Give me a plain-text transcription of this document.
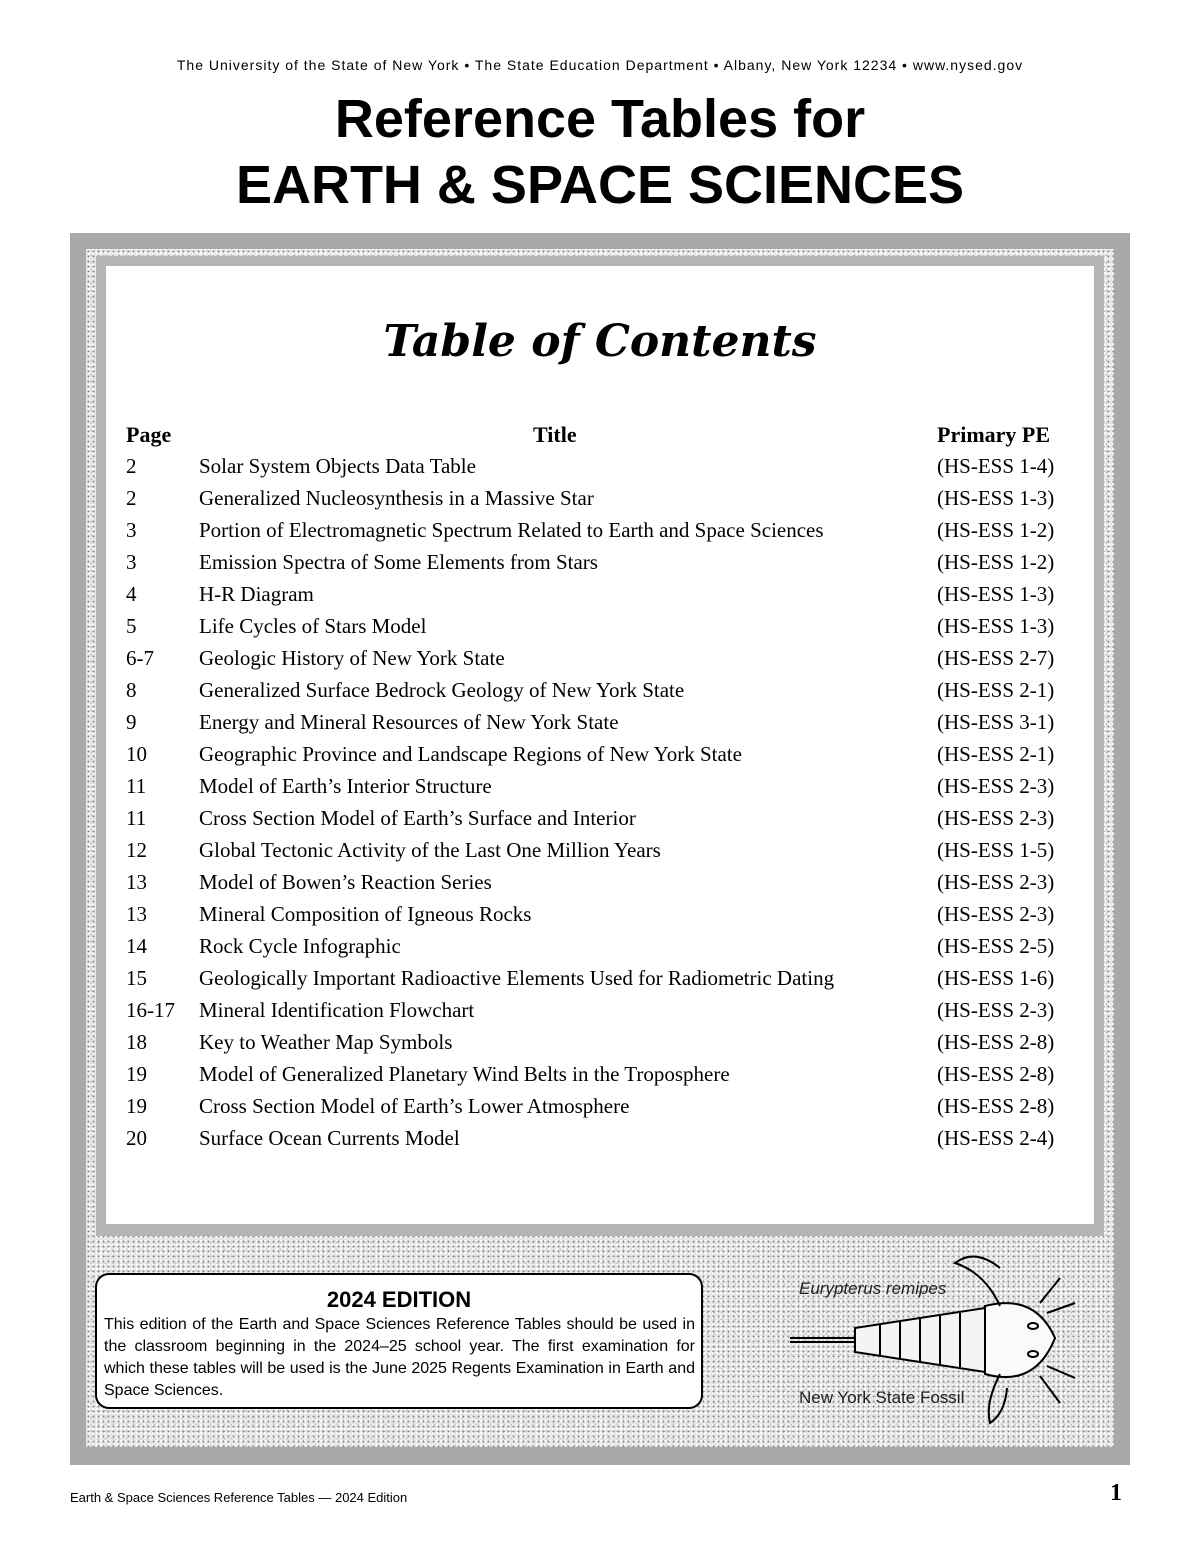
The University of the State of New York • The State Education Department • Albany, New York 12234 • www.nysed.gov
Reference Tables for
EARTH & SPACE SCIENCES
Table of Contents
Page	Title	Primary PE
2	Solar System Objects Data Table	(HS-ESS 1-4)
2	Generalized Nucleosynthesis in a Massive Star	(HS-ESS 1-3)
3	Portion of Electromagnetic Spectrum Related to Earth and Space Sciences	(HS-ESS 1-2)
3	Emission Spectra of Some Elements from Stars	(HS-ESS 1-2)
4	H-R Diagram	(HS-ESS 1-3)
5	Life Cycles of Stars Model	(HS-ESS 1-3)
6-7 Geologic History of New York State	(HS-ESS 2-7)
8	Generalized Surface Bedrock Geology of New York State	(HS-ESS 2-1)
9	Energy and Mineral Resources of New York State	(HS-ESS 3-1)
10 Geographic Province and Landscape Regions of New York State	(HS-ESS 2-1)
11	Model of Earth’s Interior Structure	(HS-ESS 2-3)
11	Cross Section Model of Earth’s Surface and Interior	(HS-ESS 2-3)
12 Global Tectonic Activity of the Last One Million Years	(HS-ESS 1-5)
13 Model of Bowen’s Reaction Series	(HS-ESS 2-3)
13 Mineral Composition of Igneous Rocks	(HS-ESS 2-3)
14 Rock Cycle Infographic	(HS-ESS 2-5)
15 Geologically Important Radioactive Elements Used for Radiometric Dating	(HS-ESS 1-6)
16-17 Mineral Identification Flowchart	(HS-ESS 2-3)
18 Key to Weather Map Symbols	(HS-ESS 2-8)
19 Model of Generalized Planetary Wind Belts in the Troposphere	(HS-ESS 2-8)
19 Cross Section Model of Earth’s Lower Atmosphere	(HS-ESS 2-8)
20 Surface Ocean Currents Model	(HS-ESS 2-4)
2024 EDITION
This edition of the Earth and Space Sciences Reference Tables should be used in the classroom beginning in the 2024–25 school year. The first examination for which these tables will be used is the June 2025 Regents Examination in Earth and Space Sciences.
Eurypterus remipes
New York State Fossil
Earth & Space Sciences Reference Tables — 2024 Edition	1
